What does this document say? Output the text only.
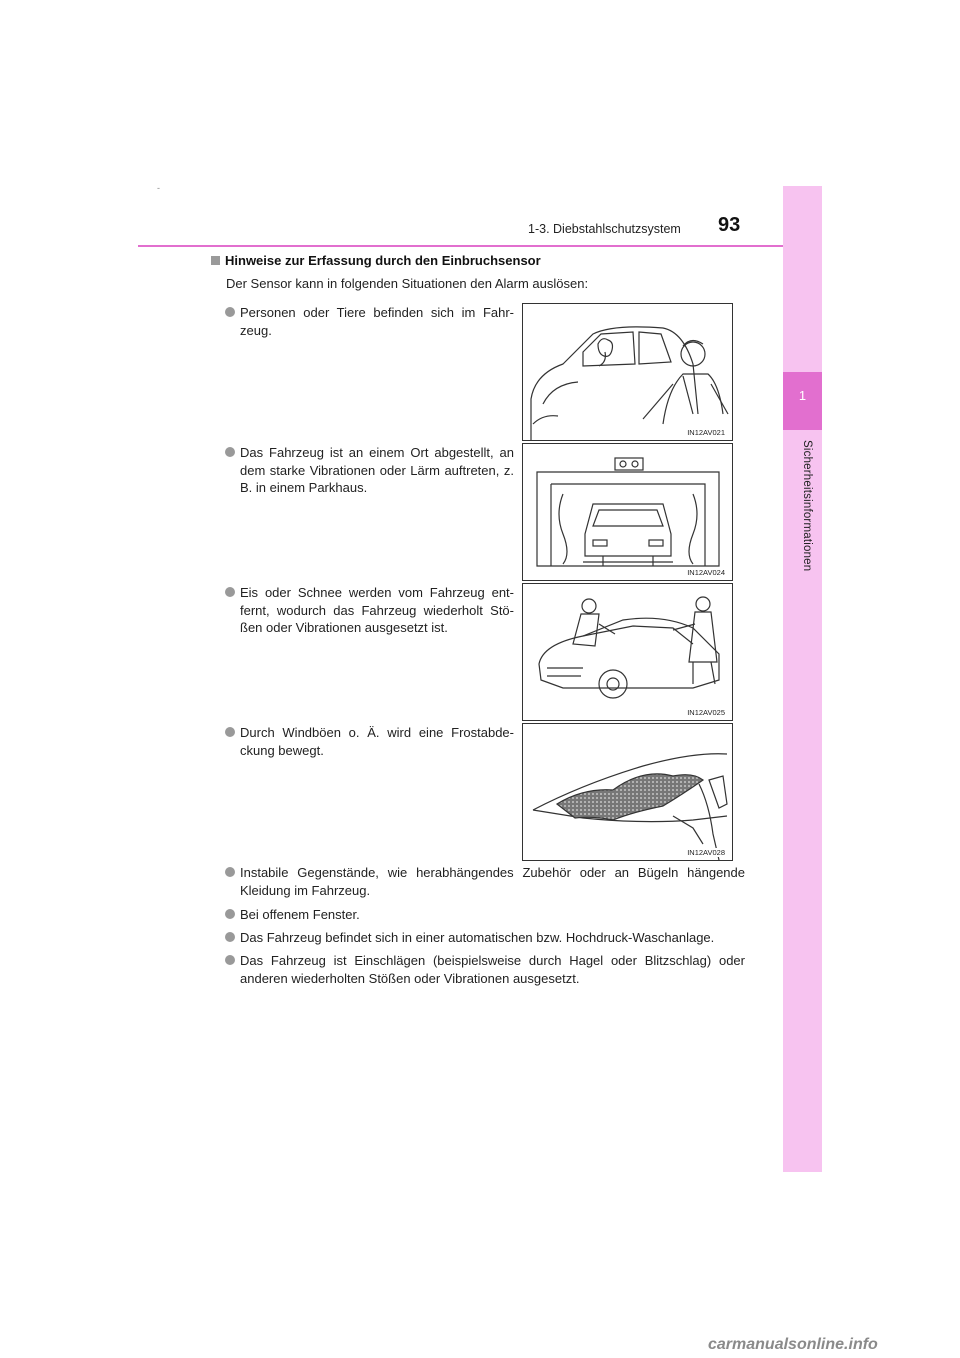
-
1-3. Diebstahlschutzsystem 93
1
Sicherheitsinformationen
Hinweise zur Erfassung durch den Einbruchsensor
Der Sensor kann in folgenden Situationen den Alarm auslösen:
Personen oder Tiere befinden sich im Fahr-zeug.
Das Fahrzeug ist an einem Ort abgestellt, an dem starke Vibrationen oder Lärm auftreten, z. B. in einem Parkhaus.
Eis oder Schnee werden vom Fahrzeug ent-fernt, wodurch das Fahrzeug wiederholt Stö-ßen oder Vibrationen ausgesetzt ist.
Durch Windböen o. Ä. wird eine Frostabde-ckung bewegt.
IN12AV021
IN12AV024
IN12AV025
IN12AV028
Instabile Gegenstände, wie herabhängendes Zubehör oder an Bügeln hängende Kleidung im Fahrzeug.
Bei offenem Fenster.
Das Fahrzeug befindet sich in einer automatischen bzw. Hochdruck-Waschanlage.
Das Fahrzeug ist Einschlägen (beispielsweise durch Hagel oder Blitzschlag) oder anderen wiederholten Stößen oder Vibrationen ausgesetzt.
carmanualsonline.info
